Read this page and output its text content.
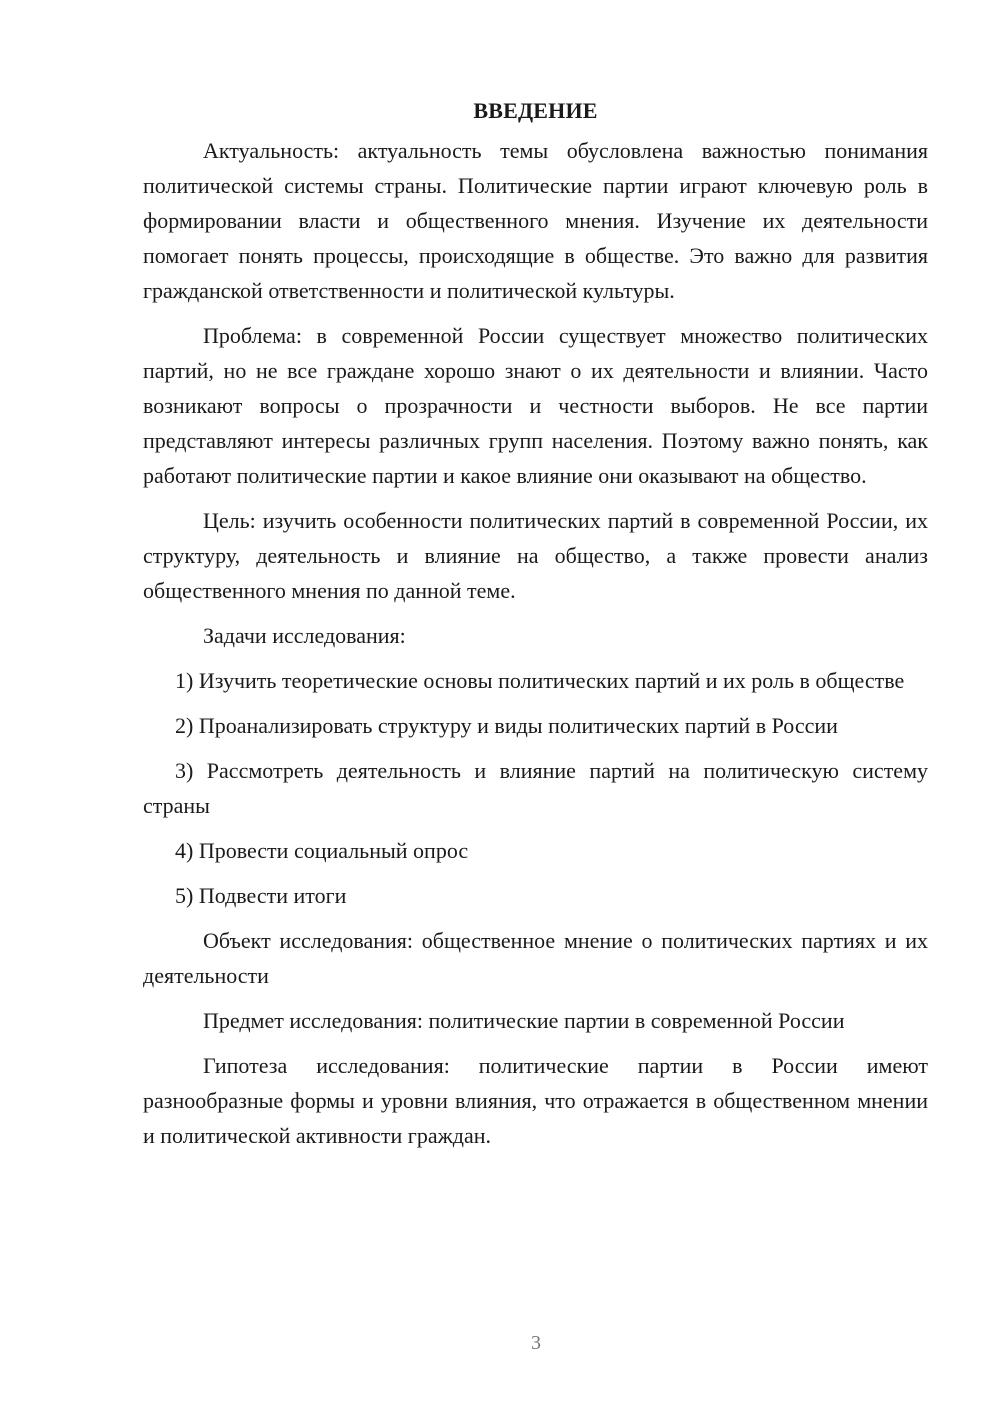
ВВЕДЕНИЕ

Актуальность: актуальность темы обусловлена важностью понимания политической системы страны. Политические партии играют ключевую роль в формировании власти и общественного мнения. Изучение их деятельности помогает понять процессы, происходящие в обществе. Это важно для развития гражданской ответственности и политической культуры.

Проблема: в современной России существует множество политических партий, но не все граждане хорошо знают о их деятельности и влиянии. Часто возникают вопросы о прозрачности и честности выборов. Не все партии представляют интересы различных групп населения. Поэтому важно понять, как работают политические партии и какое влияние они оказывают на общество.

Цель: изучить особенности политических партий в современной России, их структуру, деятельность и влияние на общество, а также провести анализ общественного мнения по данной теме.

Задачи исследования:

1) Изучить теоретические основы политических партий и их роль в обществе

2) Проанализировать структуру и виды политических партий в России

3) Рассмотреть деятельность и влияние партий на политическую систему страны

4) Провести социальный опрос

5) Подвести итоги

Объект исследования: общественное мнение о политических партиях и их деятельности

Предмет исследования: политические партии в современной России

Гипотеза исследования: политические партии в России имеют разнообразные формы и уровни влияния, что отражается в общественном мнении и политической активности граждан.

3
